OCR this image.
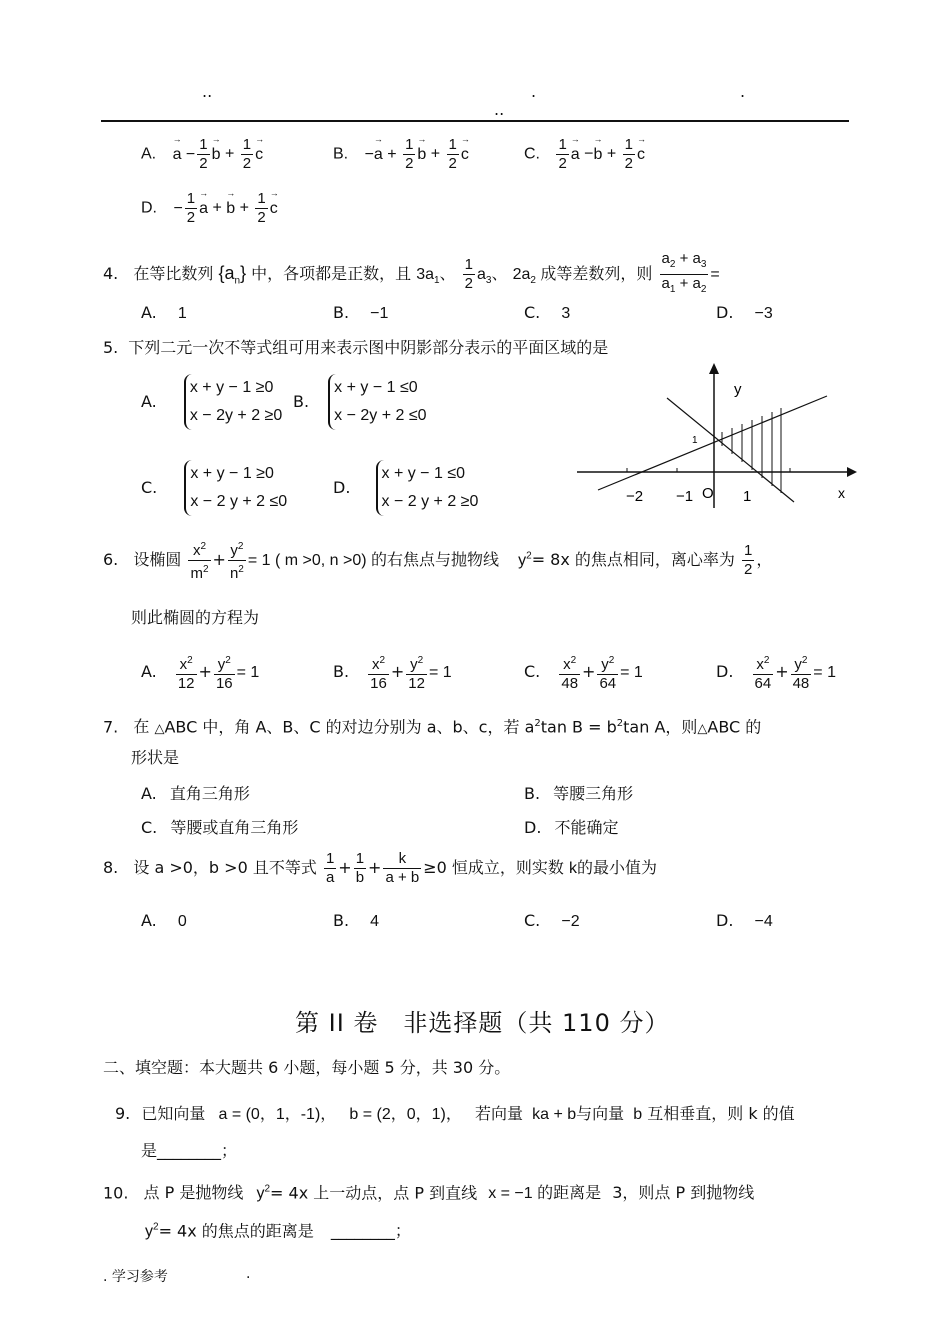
..	.	.
..
A. → $a - \frac{1}{2}$
→ $b + \frac{1}{2}$
→ c	B. −→ $a + \frac{1}{2}$
→ $b + \frac{1}{2}$
→ c	C. $\frac{1}{2}$
→ $a -\to b + \frac{1}{2}$
→ c
D. − $\frac{1}{2}$
→ a + → $b + \frac{1}{2}$
→ c
4. 在等比数列 $\{a_n\}$ 中，各项都是正数，且 $3a_1$、 $\frac{1}{2} a_3$、 $2a_2$ 成等差数列，则 $\frac{a_2 + a_3}{a_1 + a_2}$ =
A. 1	B. −1	C. 3	D. −3
5. 下列二元一次不等式组可用来表示图中阴影部分表示的平面区域的是
A. x + y − 1 ≥0
x − 2y + 2 ≥0
B. x + y − 1 ≤0
x − 2y + 2 ≤0
C. x + y − 1 ≥0
x − 2 y + 2 ≤0
D. x + y − 1 ≤0
x − 2 y + 2 ≥0
y
x
O
−2 −1	1
1
6. 设椭圆 $\frac{x^2}{m^2} + \frac{y^2}{n^2} = 1$ ( m >0, n >0) 的右焦点与抛物线 $y^2= 8x$ 的焦点相同，离心率为 $\frac{1}{2}$ ，
则此椭圆的方程为
A. $\frac{x^2}{12} + \frac{y^2}{16} = 1$	B. $\frac{x^2}{16} + \frac{y^2}{12} = 1$	C. $\frac{x^2}{48} + \frac{y^2}{64} = 1$	D. $\frac{x^2}{64} + \frac{y^2}{48} = 1$
7. 在 △ABC 中，角 A、B、C 的对边分别为 a、b、c，若 $a^2\tan$ $B = b^2\tan$ A，则△ABC 的
形状是
A. 直角三角形	B. 等腰三角形
C. 等腰或直角三角形	D. 不能确定
8. 设 a >0，b >0 且不等式 $\frac{1}{a} + \frac{1}{b} + \frac{k}{a + b} \ge 0$ 恒成立，则实数 k的最小值为
A. 0	B. 4	C. −2	D. −4
第 II 卷　非选择题（共 110 分）
二、填空题：本大题共 6 小题，每小题 5 分，共 30 分。
9. 已知向量 a = (0，1，-1)， b = (2，0，1)， 若向量 ka + b与向量 b 互相垂直，则 k 的值
是________；
10. 点 P 是抛物线 $y^2= 4x$ 上一动点，点 P 到直线 x = −1 的距离是 3，则点 P 到抛物线
$y^2= 4x$ 的焦点的距离是 ________；
. 学习参考	.
